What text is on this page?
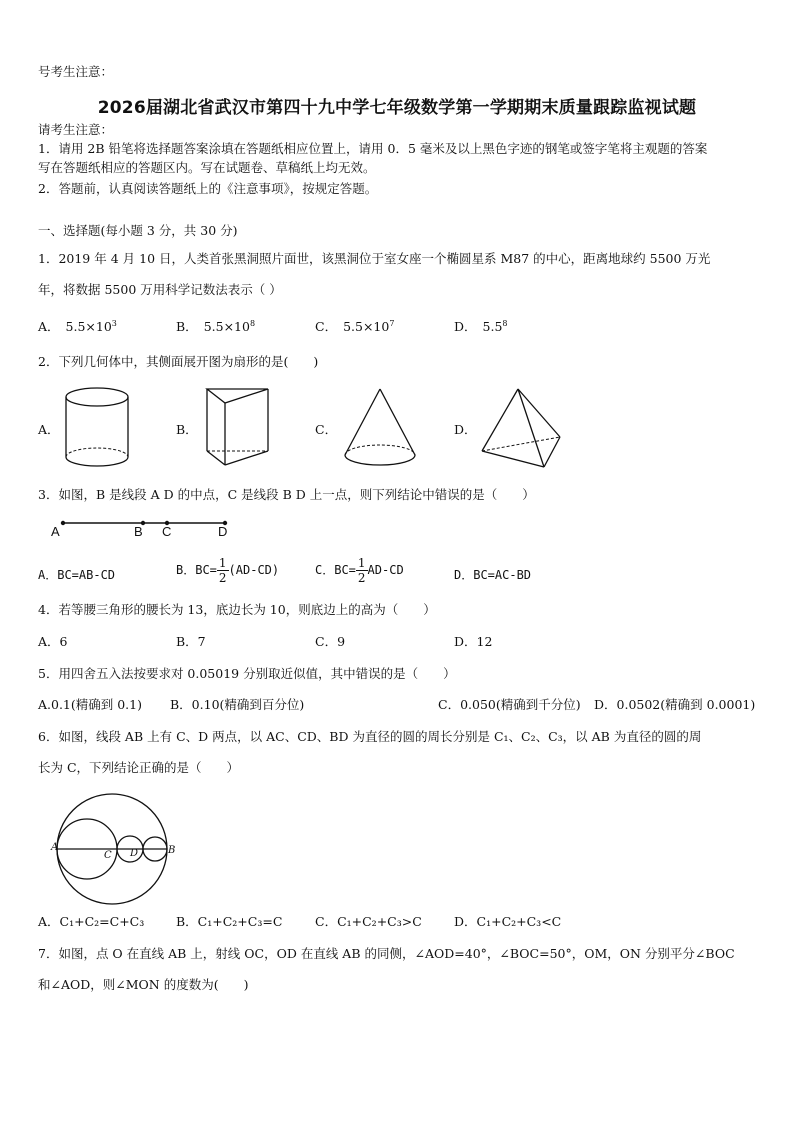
号考生注意：
2026届湖北省武汉市第四十九中学七年级数学第一学期期末质量跟踪监视试题
请考生注意：
1．请用 2B 铅笔将选择题答案涂填在答题纸相应位置上，请用 0．5 毫米及以上黑色字迹的钢笔或签字笔将主观题的答案
写在答题纸相应的答题区内。写在试题卷、草稿纸上均无效。
2．答题前，认真阅读答题纸上的《注意事项》，按规定答题。
一、选择题(每小题 3 分，共 30 分)
1．2019 年 4 月 10 日，人类首张黑洞照片面世，该黑洞位于室女座一个椭圆星系 M87 的中心，距离地球约 5500 万光
年，将数据 5500 万用科学记数法表示（ ）
A． $5.5\times 10^3$	B． $5.5\times 10^8$	C． $5.5\times 10^7$	D． $5.5^8$
2．下列几何体中，其侧面展开图为扇形的是(　　)
A．	B．	C．	D．
3．如图，B 是线段 A D 的中点，C 是线段 B D 上一点，则下列结论中错误的是（　　）
A	B C	D
A．BC=AB-CD	B．$BC= \frac{1}{2} (AD-CD)$	C．$BC= \frac{1}{2} AD-CD$	D．BC=AC-BD
4．若等腰三角形的腰长为 13，底边长为 10，则底边上的高为（　　）
A．6	B．7	C．9	D．12
5．用四舍五入法按要求对 0.05019 分别取近似值，其中错误的是（　　）
A.0.1(精确到 0.1) B．0.10(精确到百分位)	C．0.050(精确到千分位) D．0.0502(精确到 0.0001)
6．如图，线段 AB 上有 C、D 两点，以 AC、CD、BD 为直径的圆的周长分别是 C₁、C₂、C₃，以 AB 为直径的圆的周
长为 C，下列结论正确的是（　　）
A
C D	B
A．C₁+C₂=C+C₃	B．C₁+C₂+C₃=C	C．C₁+C₂+C₃>C	D．C₁+C₂+C₃<C
7．如图，点 O 在直线 AB 上，射线 OC，OD 在直线 AB 的同侧，∠AOD=40°，∠BOC=50°，OM，ON 分别平分∠BOC
和∠AOD，则∠MON 的度数为(　　)
